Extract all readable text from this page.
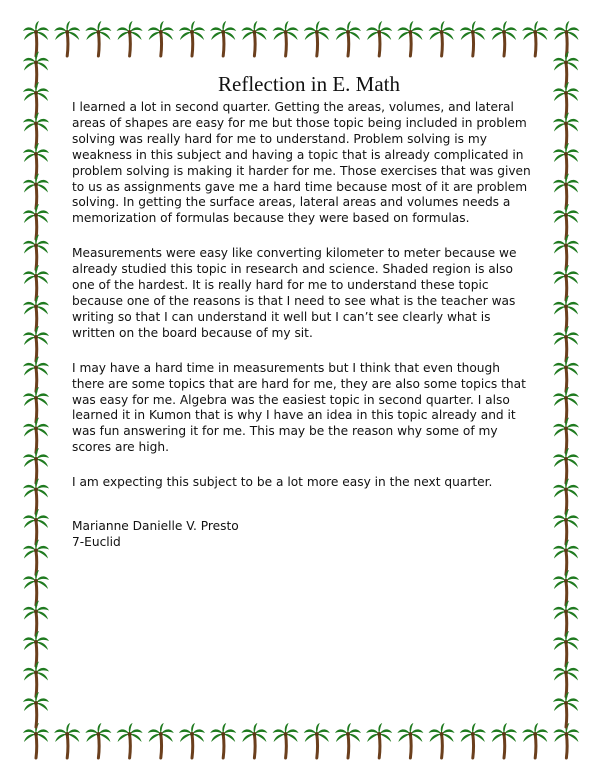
Reflection in E. Math

I learned a lot in second quarter. Getting the areas, volumes, and lateral areas of shapes are easy for me but those topic being included in problem solving was really hard for me to understand. Problem solving is my weakness in this subject and having a topic that is already complicated in problem solving is making it harder for me. Those exercises that was given to us as assignments gave me a hard time because most of it are problem solving. In getting the surface areas, lateral areas and volumes needs a memorization of formulas because they were based on formulas.

Measurements were easy like converting kilometer to meter because we already studied this topic in research and science. Shaded region is also one of the hardest. It is really hard for me to understand these topic because one of the reasons is that I need to see what is the teacher was writing so that I can understand it well but I can’t see clearly what is written on the board because of my sit.

I may have a hard time in measurements but I think that even though there are some topics that are hard for me, they are also some topics that was easy for me. Algebra was the easiest topic in second quarter. I also learned it in Kumon that is why I have an idea in this topic already and it was fun answering it for me. This may be the reason why some of my scores are high.

I am expecting this subject to be a lot more easy in the next quarter.

Marianne Danielle V. Presto
7-Euclid
